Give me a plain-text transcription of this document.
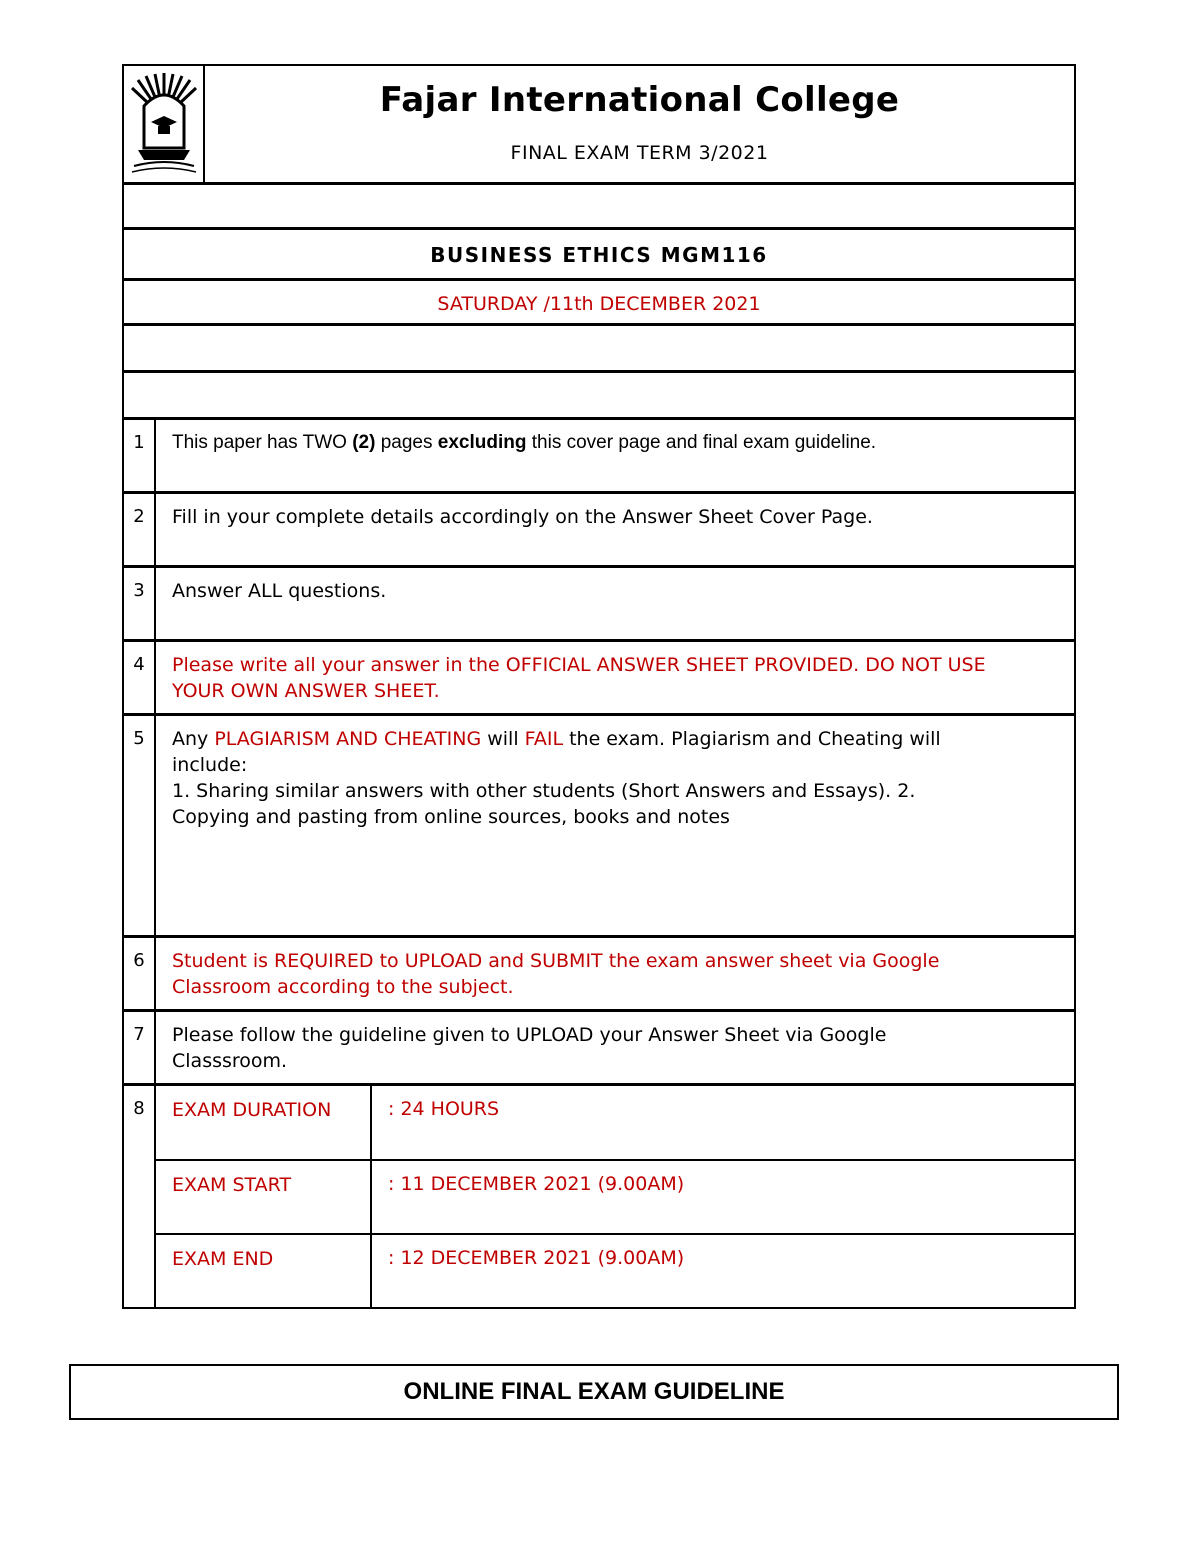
Fajar International College
FINAL EXAM TERM 3/2021
BUSINESS ETHICS MGM116
SATURDAY /11th DECEMBER 2021
1	This paper has TWO (2) pages excluding this cover page and final exam guideline.
2	Fill in your complete details accordingly on the Answer Sheet Cover Page.
3	Answer ALL questions.
4	Please write all your answer in the OFFICIAL ANSWER SHEET PROVIDED. DO NOT USE YOUR OWN ANSWER SHEET.
5	Any PLAGIARISM AND CHEATING will FAIL the exam. Plagiarism and Cheating will include:
1. Sharing similar answers with other students (Short Answers and Essays). 2. Copying and pasting from online sources, books and notes
6	Student is REQUIRED to UPLOAD and SUBMIT the exam answer sheet via Google Classroom according to the subject.
7	Please follow the guideline given to UPLOAD your Answer Sheet via Google Classsroom.
8	EXAM DURATION	: 24 HOURS
EXAM START	: 11 DECEMBER 2021 (9.00AM)
EXAM END	: 12 DECEMBER 2021 (9.00AM)
ONLINE FINAL EXAM GUIDELINE
